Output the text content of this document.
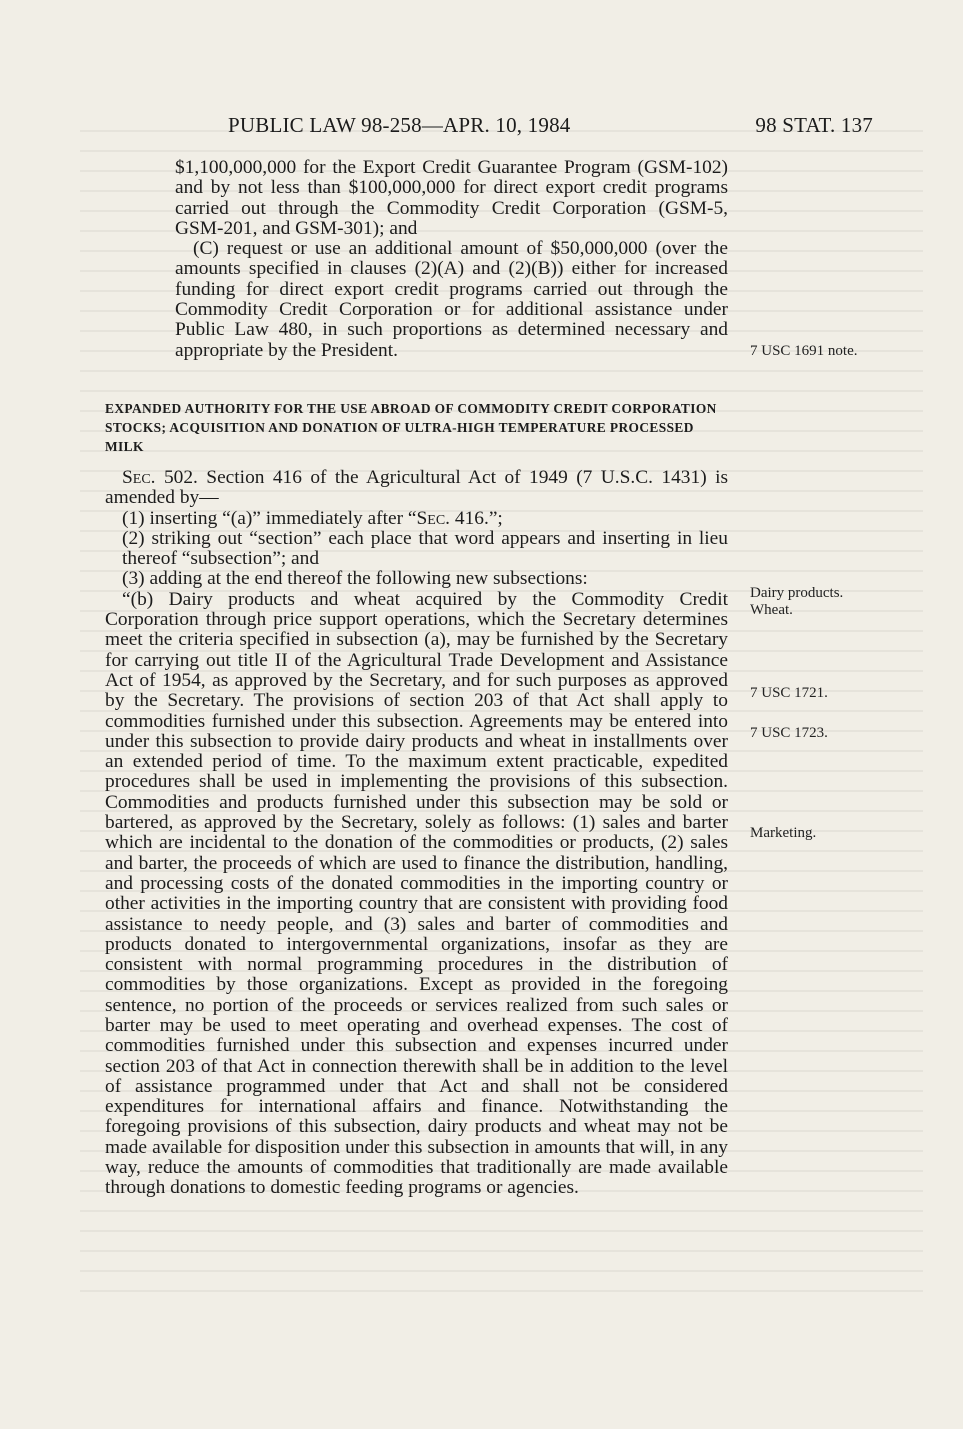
PUBLIC LAW 98-258—APR. 10, 1984	98 STAT. 137

$1,100,000,000 for the Export Credit Guarantee Program (GSM-102) and by not less than $100,000,000 for direct export credit programs carried out through the Commodity Credit Corporation (GSM-5, GSM-201, and GSM-301); and

(C) request or use an additional amount of $50,000,000 (over the amounts specified in clauses (2)(A) and (2)(B)) either for increased funding for direct export credit programs carried out through the Commodity Credit Corporation or for additional assistance under Public Law 480, in such proportions as determined necessary and appropriate by the President.

EXPANDED AUTHORITY FOR THE USE ABROAD OF COMMODITY CREDIT CORPORATION STOCKS; ACQUISITION AND DONATION OF ULTRA-HIGH TEMPERATURE PROCESSED MILK

Sec. 502. Section 416 of the Agricultural Act of 1949 (7 U.S.C. 1431) is amended by—

(1) inserting “(a)” immediately after “Sec. 416.”;

(2) striking out “section” each place that word appears and inserting in lieu thereof “subsection”; and

(3) adding at the end thereof the following new subsections:

“(b) Dairy products and wheat acquired by the Commodity Credit Corporation through price support operations, which the Secretary determines meet the criteria specified in subsection (a), may be furnished by the Secretary for carrying out title II of the Agricultural Trade Development and Assistance Act of 1954, as approved by the Secretary, and for such purposes as approved by the Secretary. The provisions of section 203 of that Act shall apply to commodities furnished under this subsection. Agreements may be entered into under this subsection to provide dairy products and wheat in installments over an extended period of time. To the maximum extent practicable, expedited procedures shall be used in implementing the provisions of this subsection. Commodities and products furnished under this subsection may be sold or bartered, as approved by the Secretary, solely as follows: (1) sales and barter which are incidental to the donation of the commodities or products, (2) sales and barter, the proceeds of which are used to finance the distribution, handling, and processing costs of the donated commodities in the importing country or other activities in the importing country that are consistent with providing food assistance to needy people, and (3) sales and barter of commodities and products donated to intergovernmental organizations, insofar as they are consistent with normal programming procedures in the distribution of commodities by those organizations. Except as provided in the foregoing sentence, no portion of the proceeds or services realized from such sales or barter may be used to meet operating and overhead expenses. The cost of commodities furnished under this subsection and expenses incurred under section 203 of that Act in connection therewith shall be in addition to the level of assistance programmed under that Act and shall not be considered expenditures for international affairs and finance. Notwithstanding the foregoing provisions of this subsection, dairy products and wheat may not be made available for disposition under this subsection in amounts that will, in any way, reduce the amounts of commodities that traditionally are made available through donations to domestic feeding programs or agencies.

7 USC 1691 note.
Dairy products.
Wheat.
7 USC 1721.
7 USC 1723.
Marketing.
